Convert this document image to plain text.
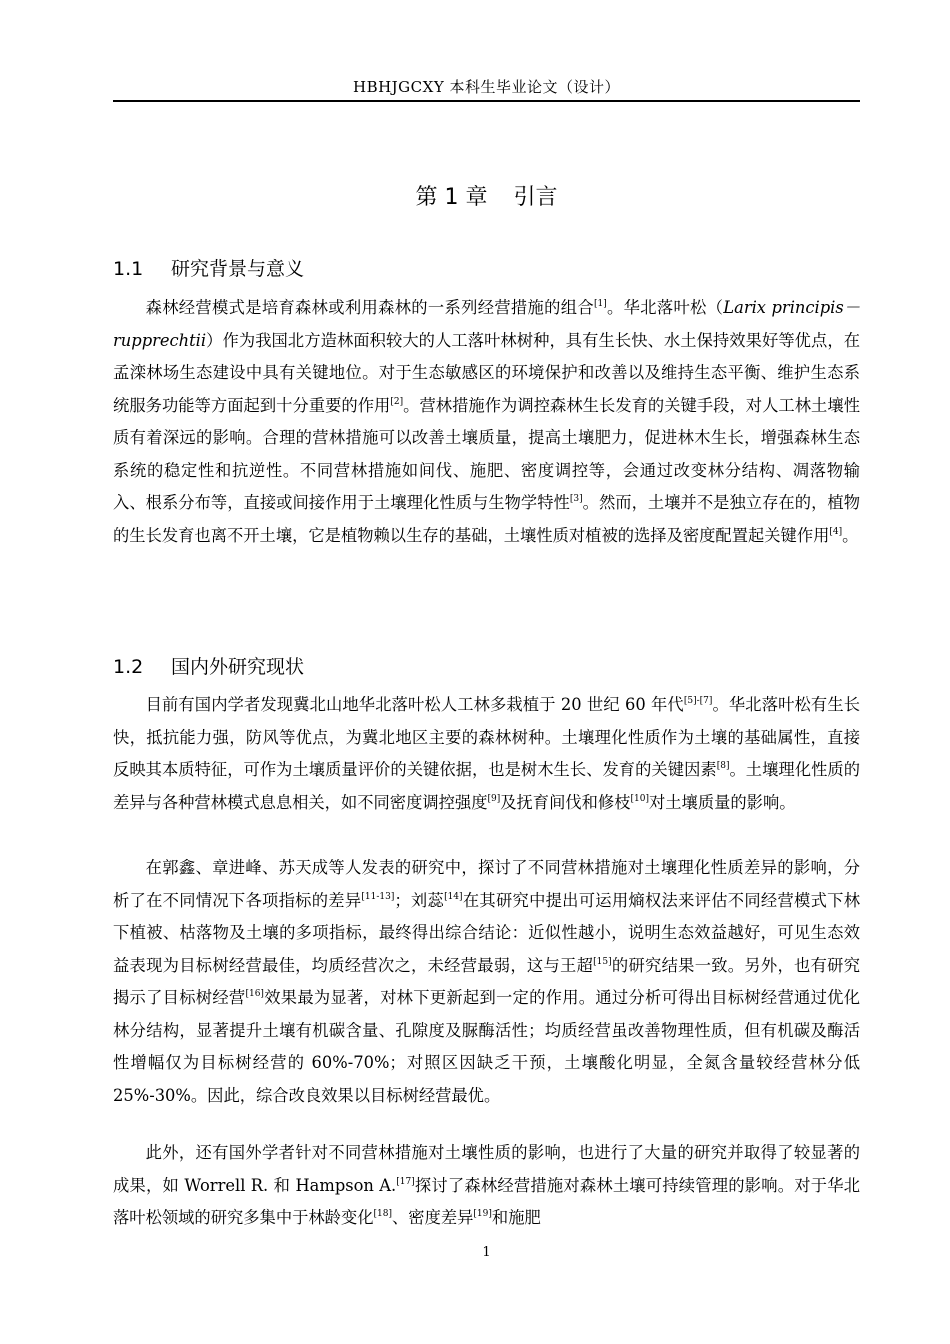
HBHJGCXY 本科生毕业论文（设计）
第 1 章 引言
1.1 研究背景与意义

森林经营模式是培育森林或利用森林的一系列经营措施的组合[1]。华北落叶松（Larix principis－rupprechtii）作为我国北方造林面积较大的人工落叶林树种，具有生长快、水土保持效果好等优点，在孟滦林场生态建设中具有关键地位。对于生态敏感区的环境保护和改善以及维持生态平衡、维护生态系统服务功能等方面起到十分重要的作用[2]。营林措施作为调控森林生长发育的关键手段，对人工林土壤性质有着深远的影响。合理的营林措施可以改善土壤质量，提高土壤肥力，促进林木生长，增强森林生态系统的稳定性和抗逆性。不同营林措施如间伐、施肥、密度调控等，会通过改变林分结构、凋落物输入、根系分布等，直接或间接作用于土壤理化性质与生物学特性[3]。然而，土壤并不是独立存在的，植物的生长发育也离不开土壤，它是植物赖以生存的基础，土壤性质对植被的选择及密度配置起关键作用[4]。

1.2 国内外研究现状

目前有国内学者发现冀北山地华北落叶松人工林多栽植于 20 世纪 60 年代[5]-[7]。华北落叶松有生长快，抵抗能力强，防风等优点，为冀北地区主要的森林树种。土壤理化性质作为土壤的基础属性，直接反映其本质特征，可作为土壤质量评价的关键依据，也是树木生长、发育的关键因素[8]。土壤理化性质的差异与各种营林模式息息相关，如不同密度调控强度[9]及抚育间伐和修枝[10]对土壤质量的影响。

在郭鑫、章进峰、苏天成等人发表的研究中，探讨了不同营林措施对土壤理化性质差异的影响，分析了在不同情况下各项指标的差异[11-13]；刘蕊[14]在其研究中提出可运用熵权法来评估不同经营模式下林下植被、枯落物及土壤的多项指标，最终得出综合结论：近似性越小，说明生态效益越好，可见生态效益表现为目标树经营最佳，均质经营次之，未经营最弱，这与王超[15]的研究结果一致。另外，也有研究揭示了目标树经营[16]效果最为显著，对林下更新起到一定的作用。通过分析可得出目标树经营通过优化林分结构，显著提升土壤有机碳含量、孔隙度及脲酶活性；均质经营虽改善物理性质，但有机碳及酶活性增幅仅为目标树经营的 60%-70%；对照区因缺乏干预，土壤酸化明显，全氮含量较经营林分低 25%-30%。因此，综合改良效果以目标树经营最优。

此外，还有国外学者针对不同营林措施对土壤性质的影响，也进行了大量的研究并取得了较显著的成果，如 Worrell R. 和 Hampson A.[17]探讨了森林经营措施对森林土壤可持续管理的影响。对于华北落叶松领域的研究多集中于林龄变化[18]、密度差异[19]和施肥

1
